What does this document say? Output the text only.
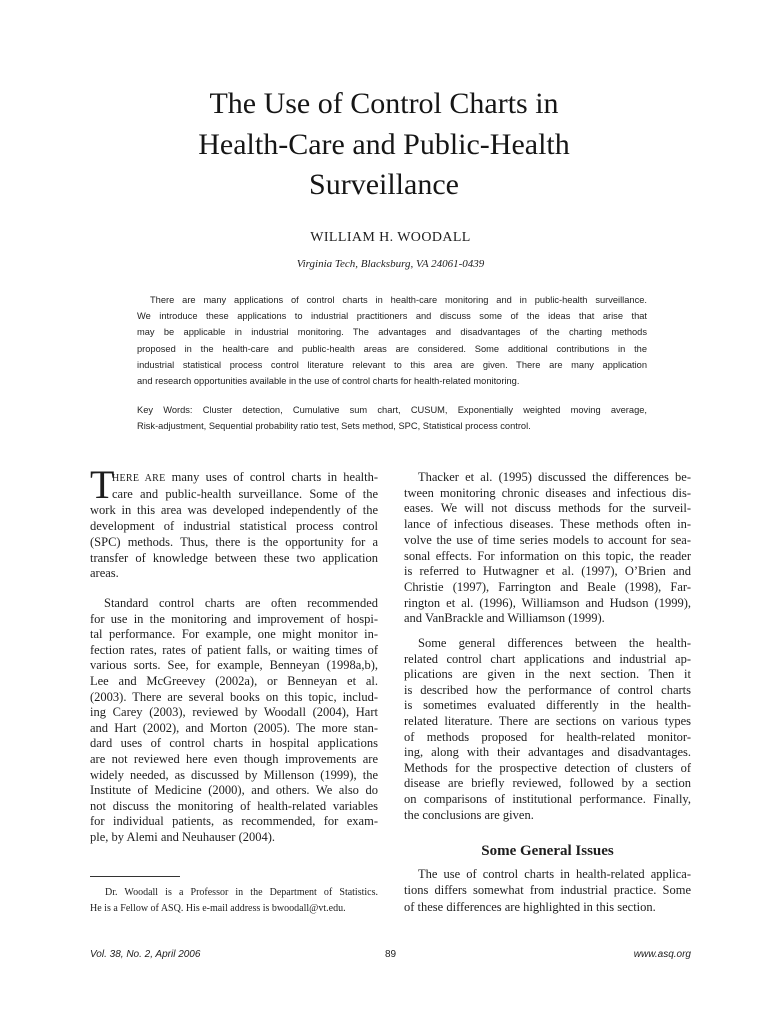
The Use of Control Charts in
Health-Care and Public-Health
Surveillance
WILLIAM H. WOODALL
Virginia Tech, Blacksburg, VA 24061-0439
There are many applications of control charts in health-care monitoring and in public-health surveillance.
We introduce these applications to industrial practitioners and discuss some of the ideas that arise that
may be applicable in industrial monitoring. The advantages and disadvantages of the charting methods
proposed in the health-care and public-health areas are considered. Some additional contributions in the
industrial statistical process control literature relevant to this area are given. There are many application
and research opportunities available in the use of control charts for health-related monitoring.
Key Words: Cluster detection, Cumulative sum chart, CUSUM, Exponentially weighted moving average,
Risk-adjustment, Sequential probability ratio test, Sets method, SPC, Statistical process control.
T
HERE ARE many uses of control charts in health-
care and public-health surveillance. Some of the
work in this area was developed independently of the
development of industrial statistical process control
(SPC) methods. Thus, there is the opportunity for a
transfer of knowledge between these two application
areas.
Standard control charts are often recommended
for use in the monitoring and improvement of hospi-
tal performance. For example, one might monitor in-
fection rates, rates of patient falls, or waiting times of
various sorts. See, for example, Benneyan (1998a,b),
Lee and McGreevey (2002a), or Benneyan et al.
(2003). There are several books on this topic, includ-
ing Carey (2003), reviewed by Woodall (2004), Hart
and Hart (2002), and Morton (2005). The more stan-
dard uses of control charts in hospital applications
are not reviewed here even though improvements are
widely needed, as discussed by Millenson (1999), the
Institute of Medicine (2000), and others. We also do
not discuss the monitoring of health-related variables
for individual patients, as recommended, for exam-
ple, by Alemi and Neuhauser (2004).
Dr. Woodall is a Professor in the Department of Statistics.
He is a Fellow of ASQ. His e-mail address is bwoodall@vt.edu.
Thacker et al. (1995) discussed the differences be-
tween monitoring chronic diseases and infectious dis-
eases. We will not discuss methods for the surveil-
lance of infectious diseases. These methods often in-
volve the use of time series models to account for sea-
sonal effects. For information on this topic, the reader
is referred to Hutwagner et al. (1997), O’Brien and
Christie (1997), Farrington and Beale (1998), Far-
rington et al. (1996), Williamson and Hudson (1999),
and VanBrackle and Williamson (1999).
Some general differences between the health-
related control chart applications and industrial ap-
plications are given in the next section. Then it
is described how the performance of control charts
is sometimes evaluated differently in the health-
related literature. There are sections on various types
of methods proposed for health-related monitor-
ing, along with their advantages and disadvantages.
Methods for the prospective detection of clusters of
disease are briefly reviewed, followed by a section
on comparisons of institutional performance. Finally,
the conclusions are given.
Some General Issues
The use of control charts in health-related applica-
tions differs somewhat from industrial practice. Some
of these differences are highlighted in this section.
Vol. 38, No. 2, April 2006	89	www.asq.org
